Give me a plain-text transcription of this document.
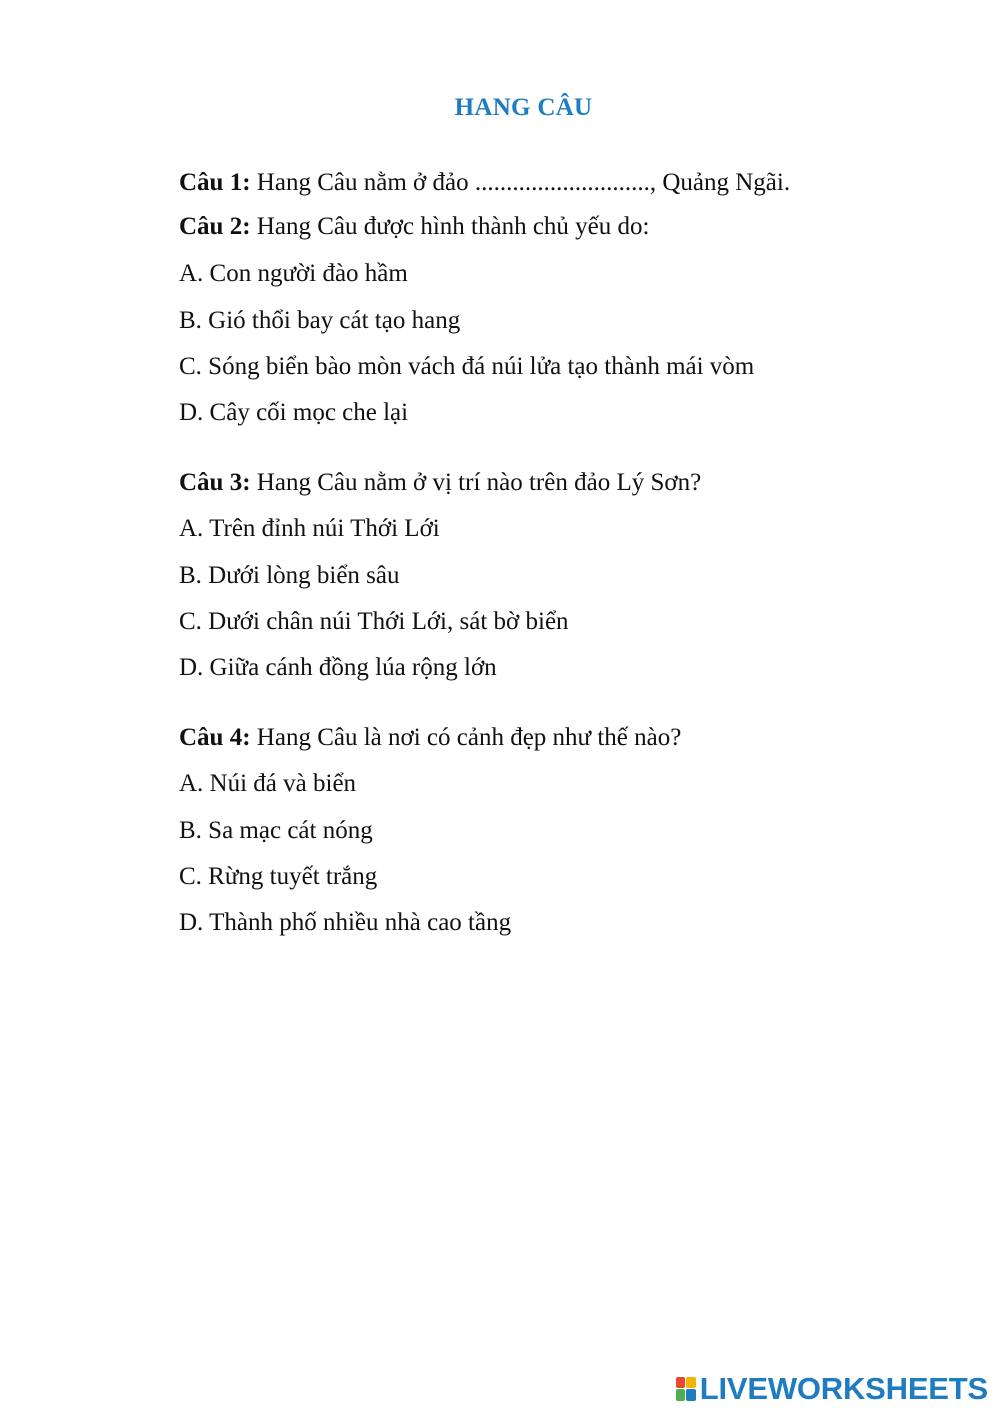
HANG CÂU
Câu 1: Hang Câu nằm ở đảo ............................, Quảng Ngãi.
Câu 2: Hang Câu được hình thành chủ yếu do:
A. Con người đào hầm
B. Gió thổi bay cát tạo hang
C. Sóng biển bào mòn vách đá núi lửa tạo thành mái vòm
D. Cây cối mọc che lại
Câu 3: Hang Câu nằm ở vị trí nào trên đảo Lý Sơn?
A. Trên đỉnh núi Thới Lới
B. Dưới lòng biển sâu
C. Dưới chân núi Thới Lới, sát bờ biển
D. Giữa cánh đồng lúa rộng lớn
Câu 4: Hang Câu là nơi có cảnh đẹp như thế nào?
A. Núi đá và biển
B. Sa mạc cát nóng
C. Rừng tuyết trắng
D. Thành phố nhiều nhà cao tầng
LIVEWORKSHEETS
